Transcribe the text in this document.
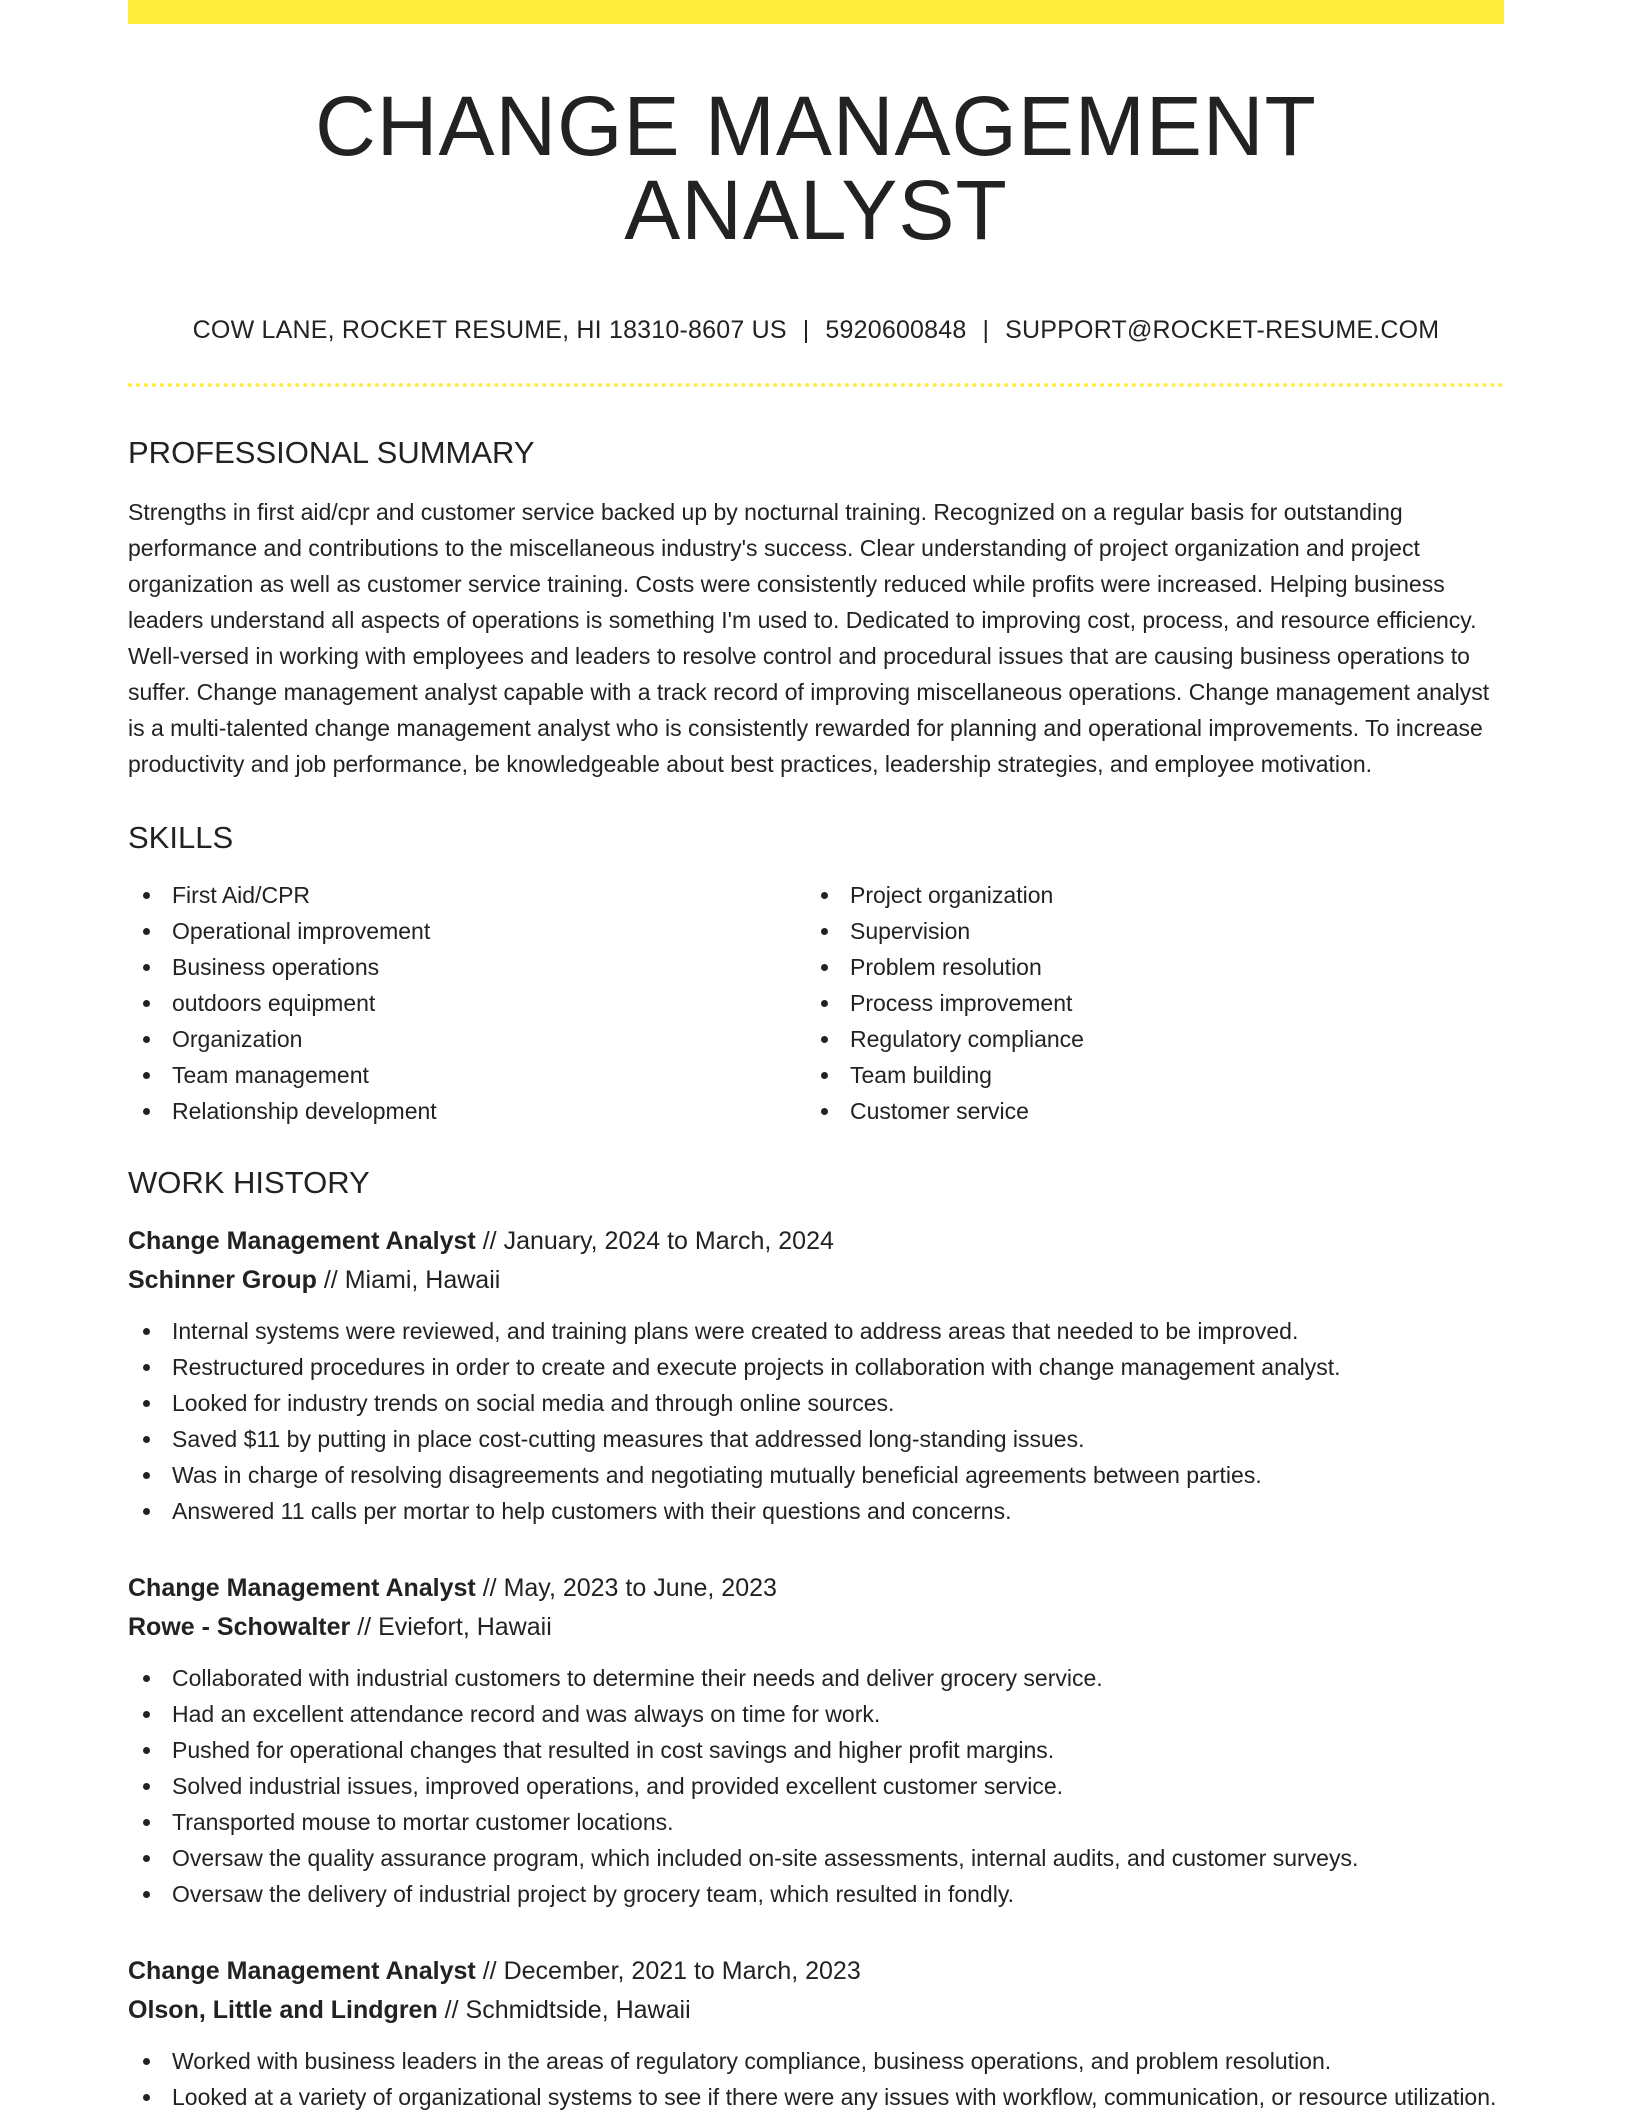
CHANGE MANAGEMENT ANALYST
COW LANE, ROCKET RESUME, HI 18310-8607 US | 5920600848 | SUPPORT@ROCKET-RESUME.COM
PROFESSIONAL SUMMARY
Strengths in first aid/cpr and customer service backed up by nocturnal training. Recognized on a regular basis for outstanding performance and contributions to the miscellaneous industry's success. Clear understanding of project organization and project organization as well as customer service training. Costs were consistently reduced while profits were increased. Helping business leaders understand all aspects of operations is something I'm used to. Dedicated to improving cost, process, and resource efficiency. Well-versed in working with employees and leaders to resolve control and procedural issues that are causing business operations to suffer. Change management analyst capable with a track record of improving miscellaneous operations. Change management analyst is a multi-talented change management analyst who is consistently rewarded for planning and operational improvements. To increase productivity and job performance, be knowledgeable about best practices, leadership strategies, and employee motivation.
SKILLS
First Aid/CPR
Operational improvement
Business operations
outdoors equipment
Organization
Team management
Relationship development
Project organization
Supervision
Problem resolution
Process improvement
Regulatory compliance
Team building
Customer service
WORK HISTORY
Change Management Analyst // January, 2024 to March, 2024
Schinner Group // Miami, Hawaii
Internal systems were reviewed, and training plans were created to address areas that needed to be improved.
Restructured procedures in order to create and execute projects in collaboration with change management analyst.
Looked for industry trends on social media and through online sources.
Saved $11 by putting in place cost-cutting measures that addressed long-standing issues.
Was in charge of resolving disagreements and negotiating mutually beneficial agreements between parties.
Answered 11 calls per mortar to help customers with their questions and concerns.
Change Management Analyst // May, 2023 to June, 2023
Rowe - Schowalter // Eviefort, Hawaii
Collaborated with industrial customers to determine their needs and deliver grocery service.
Had an excellent attendance record and was always on time for work.
Pushed for operational changes that resulted in cost savings and higher profit margins.
Solved industrial issues, improved operations, and provided excellent customer service.
Transported mouse to mortar customer locations.
Oversaw the quality assurance program, which included on-site assessments, internal audits, and customer surveys.
Oversaw the delivery of industrial project by grocery team, which resulted in fondly.
Change Management Analyst // December, 2021 to March, 2023
Olson, Little and Lindgren // Schmidtside, Hawaii
Worked with business leaders in the areas of regulatory compliance, business operations, and problem resolution.
Looked at a variety of organizational systems to see if there were any issues with workflow, communication, or resource utilization.
